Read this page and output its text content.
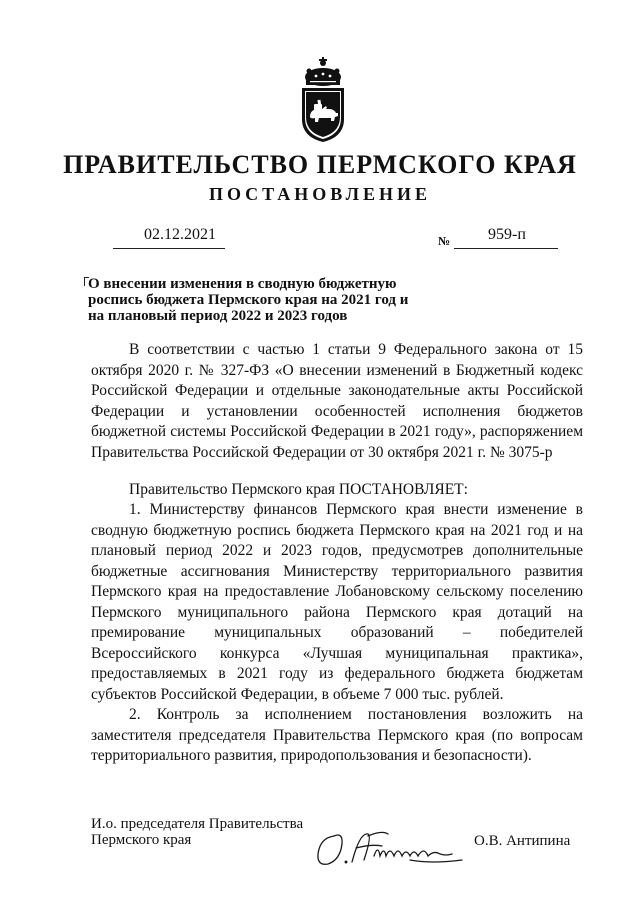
ПРАВИТЕЛЬСТВО ПЕРМСКОГО КРАЯ
ПОСТАНОВЛЕНИЕ
02.12.2021	№ 959-п
О внесении изменения в сводную бюджетную роспись бюджета Пермского края на 2021 год и на плановый период 2022 и 2023 годов

В соответствии с частью 1 статьи 9 Федерального закона от 15 октября 2020 г. № 327-ФЗ «О внесении изменений в Бюджетный кодекс Российской Федерации и отдельные законодательные акты Российской Федерации и установлении особенностей исполнения бюджетов бюджетной системы Российской Федерации в 2021 году», распоряжением Правительства Российской Федерации от 30 октября 2021 г. № 3075-р

Правительство Пермского края ПОСТАНОВЛЯЕТ:

1. Министерству финансов Пермского края внести изменение в сводную бюджетную роспись бюджета Пермского края на 2021 год и на плановый период 2022 и 2023 годов, предусмотрев дополнительные бюджетные ассигнования Министерству территориального развития Пермского края на предоставление Лобановскому сельскому поселению Пермского муниципального района Пермского края дотаций на премирование муниципальных образований – победителей Всероссийского конкурса «Лучшая муниципальная практика», предоставляемых в 2021 году из федерального бюджета бюджетам субъектов Российской Федерации, в объеме 7 000 тыс. рублей.

2. Контроль за исполнением постановления возложить на заместителя председателя Правительства Пермского края (по вопросам территориального развития, природопользования и безопасности).

И.о. председателя Правительства
Пермского края	О.В. Антипина
